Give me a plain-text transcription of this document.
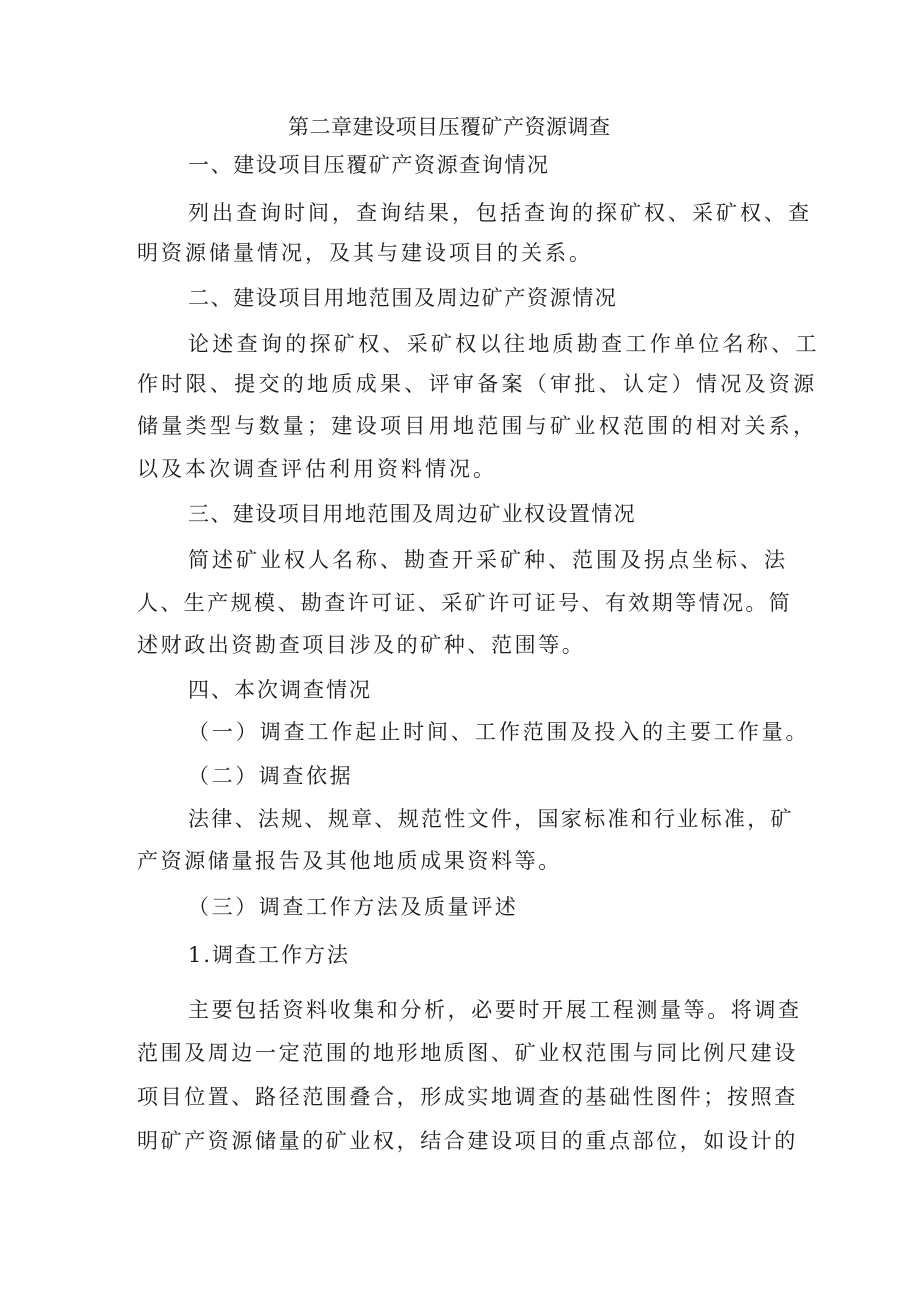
第二章建设项目压覆矿产资源调查
一、建设项目压覆矿产资源查询情况
列出查询时间，查询结果，包括查询的探矿权、采矿权、查
明资源储量情况，及其与建设项目的关系。
二、建设项目用地范围及周边矿产资源情况
论述查询的探矿权、采矿权以往地质勘查工作单位名称、工
作时限、提交的地质成果、评审备案（审批、认定）情况及资源
储量类型与数量；建设项目用地范围与矿业权范围的相对关系，
以及本次调查评估利用资料情况。
三、建设项目用地范围及周边矿业权设置情况
简述矿业权人名称、勘查开采矿种、范围及拐点坐标、法
人、生产规模、勘查许可证、采矿许可证号、有效期等情况。简
述财政出资勘查项目涉及的矿种、范围等。
四、本次调查情况
（一）调查工作起止时间、工作范围及投入的主要工作量。
（二）调查依据
法律、法规、规章、规范性文件，国家标准和行业标准，矿
产资源储量报告及其他地质成果资料等。
（三）调查工作方法及质量评述
1.调查工作方法
主要包括资料收集和分析，必要时开展工程测量等。将调查
范围及周边一定范围的地形地质图、矿业权范围与同比例尺建设
项目位置、路径范围叠合，形成实地调查的基础性图件；按照查
明矿产资源储量的矿业权，结合建设项目的重点部位，如设计的
